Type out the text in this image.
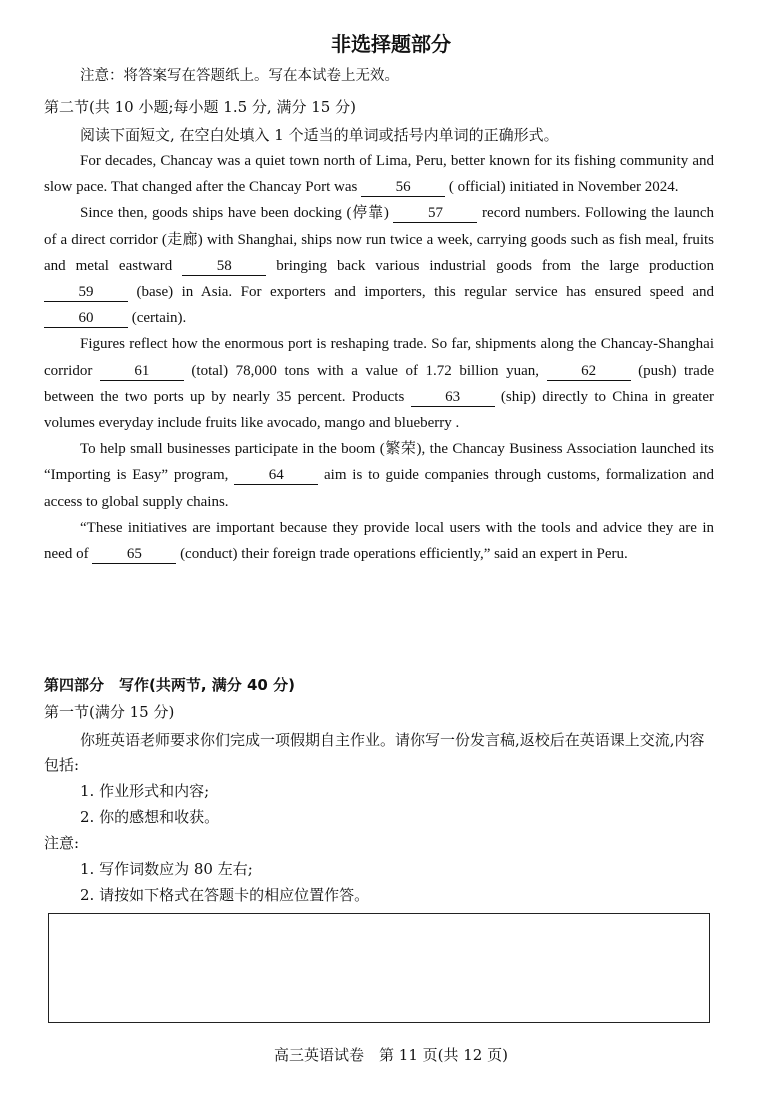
非选择题部分
注意：将答案写在答题纸上。写在本试卷上无效。
第二节(共 10 小题;每小题 1.5 分, 满分 15 分)
阅读下面短文, 在空白处填入 1 个适当的单词或括号内单词的正确形式。

For decades, Chancay was a quiet town north of Lima, Peru, better known for its fishing community and slow pace. That changed after the Chancay Port was 56 ( official) initiated in November 2024.

Since then, goods ships have been docking (停靠) 57 record numbers. Following the launch of a direct corridor (走廊) with Shanghai, ships now run twice a week, carrying goods such as fish meal, fruits and metal eastward 58 bringing back various industrial goods from the large production 59 (base) in Asia. For exporters and importers, this regular service has ensured speed and 60 (certain).

Figures reflect how the enormous port is reshaping trade. So far, shipments along the Chancay-Shanghai corridor 61 (total) 78,000 tons with a value of 1.72 billion yuan, 62 (push) trade between the two ports up by nearly 35 percent. Products 63 (ship) directly to China in greater volumes everyday include fruits like avocado, mango and blueberry .

To help small businesses participate in the boom (繁荣), the Chancay Business Association launched its “Importing is Easy” program, 64 aim is to guide companies through customs, formalization and access to global supply chains.

“These initiatives are important because they provide local users with the tools and advice they are in need of 65 (conduct) their foreign trade operations efficiently,” said an expert in Peru.

第四部分　写作(共两节, 满分 40 分)
第一节(满分 15 分)

你班英语老师要求你们完成一项假期自主作业。请你写一份发言稿,返校后在英语课上交流,内容包括:

1. 作业形式和内容;
2. 你的感想和收获。
注意:
1. 写作词数应为 80 左右;
2. 请按如下格式在答题卡的相应位置作答。
高三英语试卷　第 11 页(共 12 页)
